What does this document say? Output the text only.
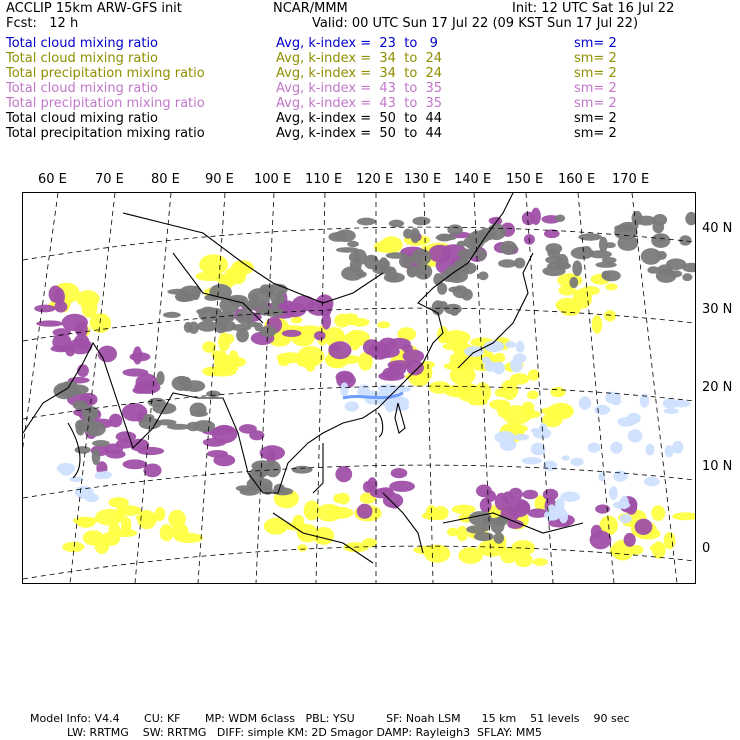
ACCLIP 15km ARW-GFS init	NCAR/MMM	Init: 12 UTC Sat 16 Jul 22
Fcst:   12 h	Valid: 00 UTC Sun 17 Jul 22 (09 KST Sun 17 Jul 22)
Total cloud mixing ratio	Avg, k-index =  23  to   9	sm= 2
Total cloud mixing ratio	Avg, k-index =  34  to  24	sm= 2
Total precipitation mixing ratio	Avg, k-index =  34  to  24	sm= 2
Total cloud mixing ratio	Avg, k-index =  43  to  35	sm= 2
Total precipitation mixing ratio	Avg, k-index =  43  to  35	sm= 2
Total cloud mixing ratio	Avg, k-index =  50  to  44	sm= 2
Total precipitation mixing ratio	Avg, k-index =  50  to  44	sm= 2
60 E 70 E 80 E 90 E 100 E 110 E 120 E 130 E 140 E 150 E 160 E 170 E
40 N
30 N
20 N
10 N
0
Model Info: V4.4       CU: KF       MP: WDM 6class   PBL: YSU         SF: Noah LSM      15 km    51 levels    90 sec
LW: RRTMG    SW: RRTMG   DIFF: simple KM: 2D Smagor DAMP: Rayleigh3  SFLAY: MM5
